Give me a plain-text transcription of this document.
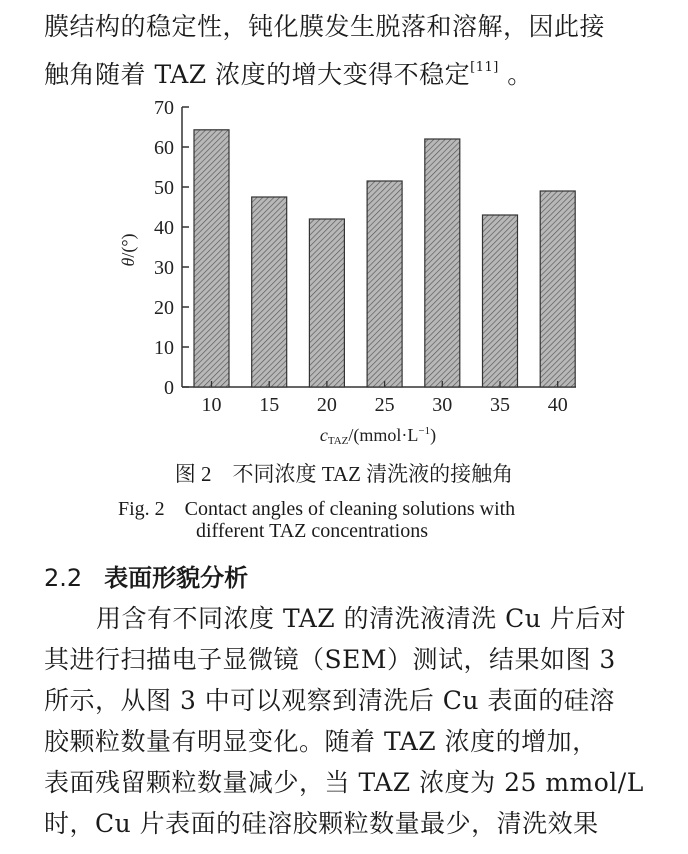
膜结构的稳定性，钝化膜发生脱落和溶解，因此接
触角随着 TAZ 浓度的增大变得不稳定[11] 。
0
10
20
30
40
50
60
70
10 15 20 25 30 35 40
θ/(°)
cTAZ/$(mmol\cdot L^{-1})$
图 2　不同浓度 TAZ 清洗液的接触角
Fig. 2　Contact angles of cleaning solutions with
different TAZ concentrations
2.2 表面形貌分析
用含有不同浓度 TAZ 的清洗液清洗 Cu 片后对
其进行扫描电子显微镜（SEM）测试，结果如图 3
所示，从图 3 中可以观察到清洗后 Cu 表面的硅溶
胶颗粒数量有明显变化。随着 TAZ 浓度的增加，
表面残留颗粒数量减少，当 TAZ 浓度为 25 mmol/L
时，Cu 片表面的硅溶胶颗粒数量最少，清洗效果
